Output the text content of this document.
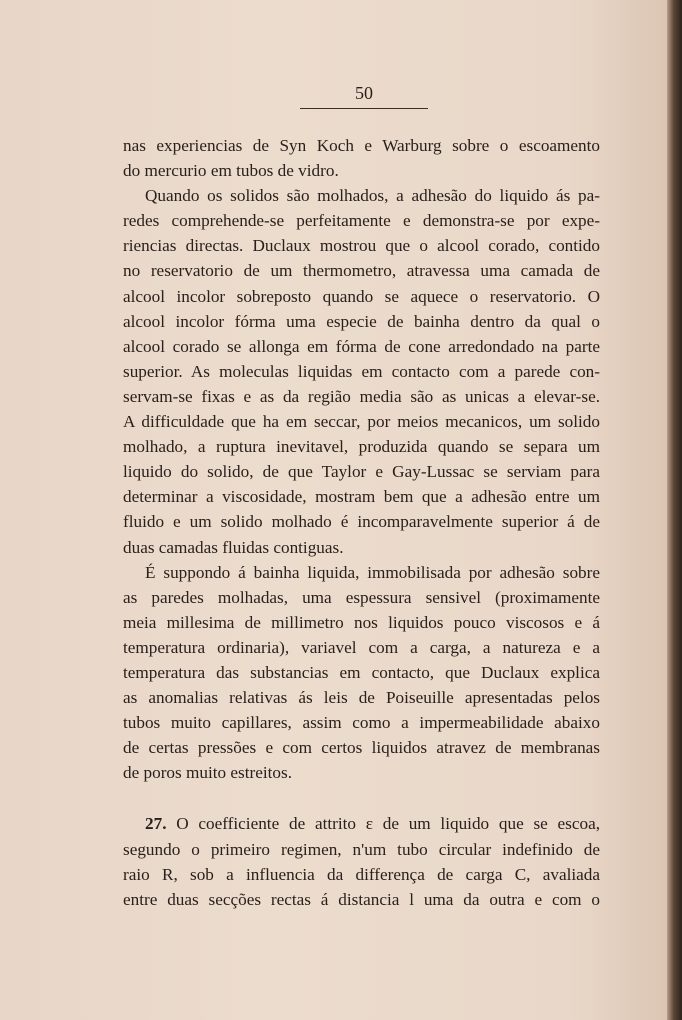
50
nas experiencias de Syn Koch e Warburg sobre o escoamento
do mercurio em tubos de vidro.
Quando os solidos são molhados, a adhesão do liquido ás pa-
redes comprehende-se perfeitamente e demonstra-se por expe-
riencias directas. Duclaux mostrou que o alcool corado, contido
no reservatorio de um thermometro, atravessa uma camada de
alcool incolor sobreposto quando se aquece o reservatorio. O
alcool incolor fórma uma especie de bainha dentro da qual o
alcool corado se allonga em fórma de cone arredondado na parte
superior. As moleculas liquidas em contacto com a parede con-
servam-se fixas e as da região media são as unicas a elevar-se.
A difficuldade que ha em seccar, por meios mecanicos, um solido
molhado, a ruptura inevitavel, produzida quando se separa um
liquido do solido, de que Taylor e Gay-Lussac se serviam para
determinar a viscosidade, mostram bem que a adhesão entre um
fluido e um solido molhado é incomparavelmente superior á de
duas camadas fluidas contiguas.
É suppondo á bainha liquida, immobilisada por adhesão sobre
as paredes molhadas, uma espessura sensivel (proximamente
meia millesima de millimetro nos liquidos pouco viscosos e á
temperatura ordinaria), variavel com a carga, a natureza e a
temperatura das substancias em contacto, que Duclaux explica
as anomalias relativas ás leis de Poiseuille apresentadas pelos
tubos muito capillares, assim como a impermeabilidade abaixo
de certas pressões e com certos liquidos atravez de membranas
de poros muito estreitos.
27. O coefficiente de attrito ε de um liquido que se escoa,
segundo o primeiro regimen, n'um tubo circular indefinido de
raio R, sob a influencia da differença de carga C, avaliada
entre duas secções rectas á distancia l uma da outra e com o
